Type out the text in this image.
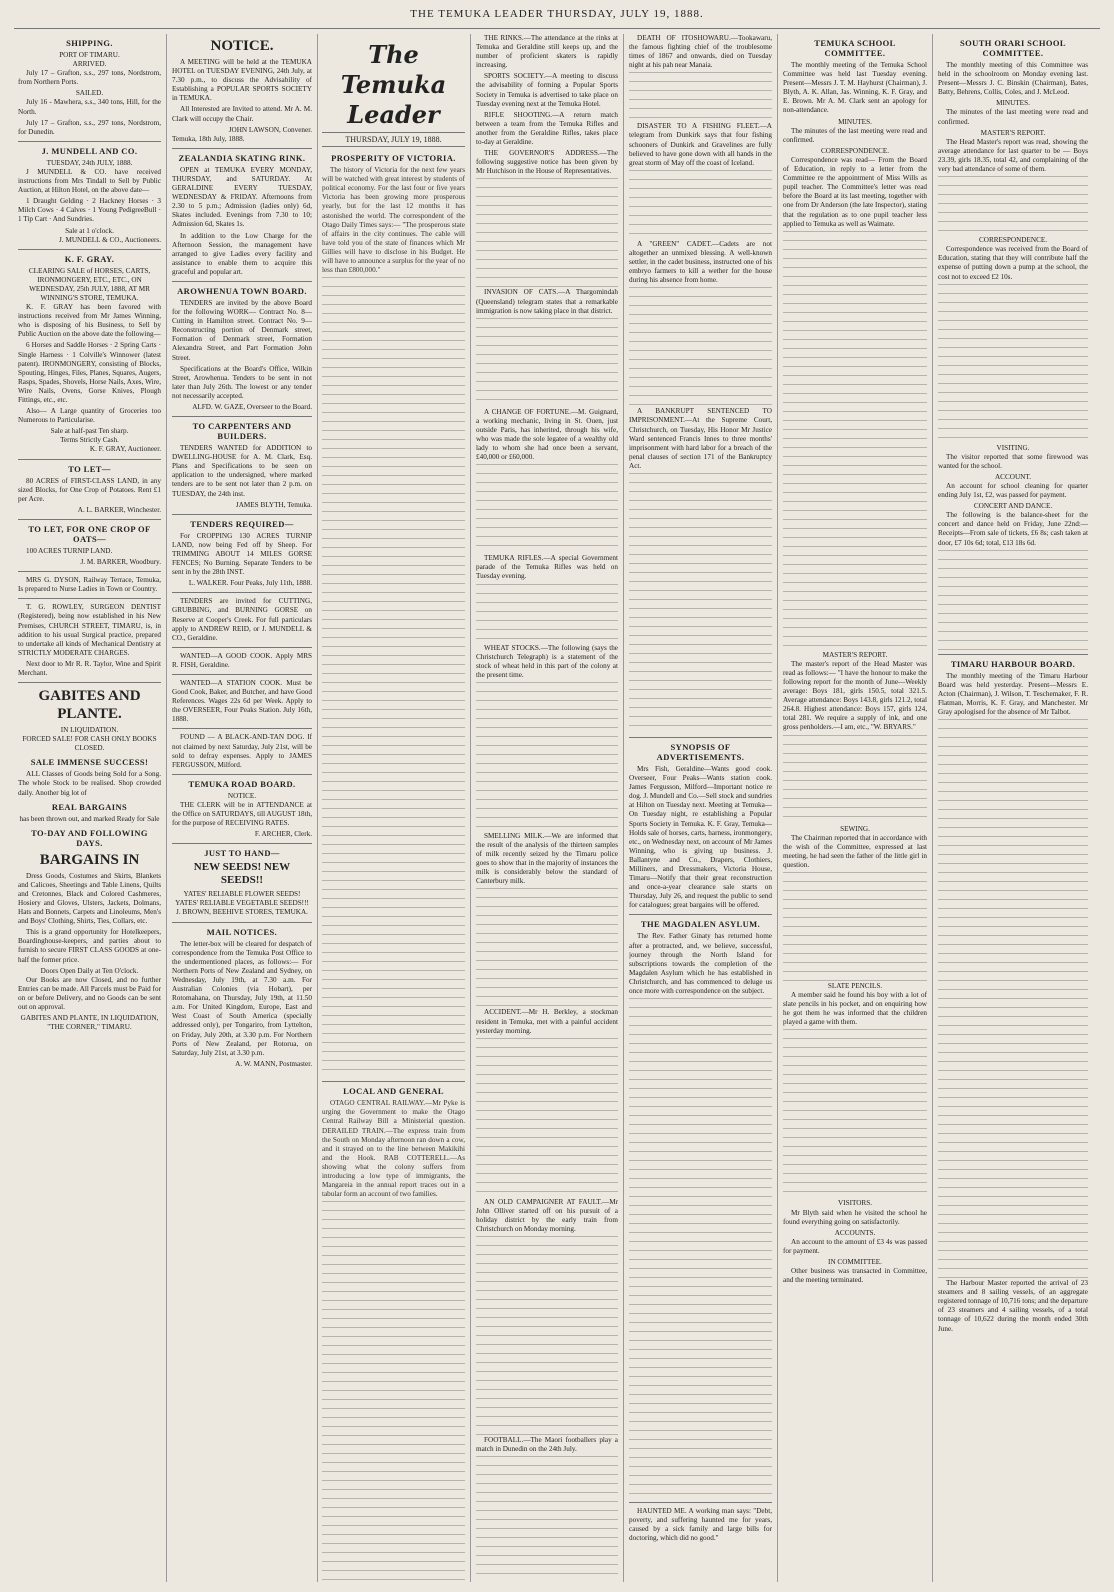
THE TEMUKA LEADER THURSDAY, JULY 19, 1888.
SHIPPING.
PORT OF TIMARU.
ARRIVED.

July 17 – Grafton, s.s., 297 tons, Nordstrom, from Northern Ports.

SAILED.

July 16 - Mawhera, s.s., 340 tons, Hill, for the North.

July 17 – Grafton, s.s., 297 tons, Nordstrom, for Dunedin.

J. MUNDELL AND CO.
TUESDAY, 24th JULY, 1888.

J MUNDELL & CO. have received instructions from Mrs Tindall to Sell by Public Auction, at Hilton Hotel, on the above date—

1 Draught Gelding · 2 Hackney Horses · 3 Milch Cows · 4 Calves · 1 Young PedigreeBull · 1 Tip Cart · And Sundries.

Sale at 1 o'clock.
J. MUNDELL & CO., Auctioneers.
K. F. GRAY.
CLEARING SALE of HORSES, CARTS, IRONMONGERY, ETC., ETC., ON WEDNESDAY, 25th JULY, 1888, AT MR WINNING'S STORE, TEMUKA.

K. F. GRAY has been favored with instructions received from Mr James Winning, who is disposing of his Business, to Sell by Public Auction on the above date the following—

6 Horses and Saddle Horses · 2 Spring Carts · Single Harness · 1 Colville's Winnower (latest patent). IRONMONGERY, consisting of Blocks, Spouting, Hinges, Files, Planes, Squares, Augers, Rasps, Spades, Shovels, Horse Nails, Axes, Wire, Wire Nails, Ovens, Gorse Knives, Plough Fittings, etc., etc.

Also— A Large quantity of Groceries too Numerous to Particularise.

Sale at half-past Ten sharp.
Terms Strictly Cash.
K. F. GRAY, Auctioneer.
TO LET—

80 ACRES of FIRST-CLASS LAND, in any sized Blocks, for One Crop of Potatoes. Rent £1 per Acre.

A. L. BARKER, Winchester.
TO LET, FOR ONE CROP OF OATS—

100 ACRES TURNIP LAND.

J. M. BARKER, Woodbury.

MRS G. DYSON, Railway Terrace, Temuka, Is prepared to Nurse Ladies in Town or Country.

T. G. ROWLEY, SURGEON DENTIST (Registered), being now established in his New Premises, CHURCH STREET, TIMARU, is, in addition to his usual Surgical practice, prepared to undertake all kinds of Mechanical Dentistry at STRICTLY MODERATE CHARGES.

Next door to Mr R. R. Taylor, Wine and Spirit Merchant.

GABITES AND PLANTE.
IN LIQUIDATION.
FORCED SALE! FOR CASH ONLY BOOKS CLOSED.
SALE IMMENSE SUCCESS!

ALL Classes of Goods being Sold for a Song. The whole Stock to be realised. Shop crowded daily. Another big lot of

REAL BARGAINS
has been thrown out, and marked Ready for Sale
TO-DAY AND FOLLOWING DAYS.
BARGAINS IN

Dress Goods, Costumes and Skirts, Blankets and Calicoes, Sheetings and Table Linens, Quilts and Cretonnes, Black and Colored Cashmeres, Hosiery and Gloves, Ulsters, Jackets, Dolmans, Hats and Bonnets, Carpets and Linoleums, Men's and Boys' Clothing, Shirts, Ties, Collars, etc.

This is a grand opportunity for Hotelkeepers, Boardinghouse-keepers, and parties about to furnish to secure FIRST CLASS GOODS at one-half the former price.

Doors Open Daily at Ten O'clock.

Our Books are now Closed, and no further Entries can be made. All Parcels must be Paid for on or before Delivery, and no Goods can be sent out on approval.

GABITES AND PLANTE, IN LIQUIDATION, "THE CORNER," TIMARU.
NOTICE.

A MEETING will be held at the TEMUKA HOTEL on TUESDAY EVENING, 24th July, at 7.30 p.m., to discuss the Advisability of Establishing a POPULAR SPORTS SOCIETY in TEMUKA.

All Interested are Invited to attend. Mr A. M. Clark will occupy the Chair.

JOHN LAWSON, Convener.
Temuka, 18th July, 1888.
ZEALANDIA SKATING RINK.

OPEN at TEMUKA EVERY MONDAY, THURSDAY, and SATURDAY. At GERALDINE EVERY TUESDAY, WEDNESDAY & FRIDAY. Afternoons from 2.30 to 5 p.m.; Admission (ladies only) 6d, Skates included. Evenings from 7.30 to 10; Admission 6d, Skates 1s.

In addition to the Low Charge for the Afternoon Session, the management have arranged to give Ladies every facility and assistance to enable them to acquire this graceful and popular art.

AROWHENUA TOWN BOARD.

TENDERS are invited by the above Board for the following WORK— Contract No. 8—Cutting in Hamilton street. Contract No. 9—Reconstructing portion of Denmark street, Formation of Denmark street, Formation Alexandra Street, and Part Formation John Street.

Specifications at the Board's Office, Wilkin Street, Arowhenua. Tenders to be sent in not later than July 26th. The lowest or any tender not necessarily accepted.

ALFD. W. GAZE, Overseer to the Board.
TO CARPENTERS AND BUILDERS.

TENDERS WANTED for ADDITION to DWELLING-HOUSE for A. M. Clark, Esq. Plans and Specifications to be seen on application to the undersigned, where marked tenders are to be sent not later than 2 p.m. on TUESDAY, the 24th inst.

JAMES BLYTH, Temuka.
TENDERS REQUIRED—

For CROPPING 130 ACRES TURNIP LAND, now being Fed off by Sheep. For TRIMMING ABOUT 14 MILES GORSE FENCES; No Burning. Separate Tenders to be sent in by the 28th INST.

L. WALKER. Four Peaks, July 11th, 1888.

TENDERS are invited for CUTTING, GRUBBING, and BURNING GORSE on Reserve at Cooper's Creek. For full particulars apply to ANDREW REID, or J. MUNDELL & CO., Geraldine.

WANTED—A GOOD COOK. Apply MRS R. FISH, Geraldine.

WANTED—A STATION COOK. Must be Good Cook, Baker, and Butcher, and have Good References. Wages 22s 6d per Week. Apply to the OVERSEER, Four Peaks Station. July 16th, 1888.

FOUND — A BLACK-AND-TAN DOG. If not claimed by next Saturday, July 21st, will be sold to defray expenses. Apply to JAMES FERGUSSON, Milford.

TEMUKA ROAD BOARD.
NOTICE.

THE CLERK will be in ATTENDANCE at the Office on SATURDAYS, till AUGUST 18th, for the purpose of RECEIVING RATES.

F. ARCHER, Clerk.
JUST TO HAND—
NEW SEEDS! NEW SEEDS!!
YATES' RELIABLE FLOWER SEEDS! YATES' RELIABLE VEGETABLE SEEDS!!!
J. BROWN, BEEHIVE STORES, TEMUKA.
MAIL NOTICES.

The letter-box will be cleared for despatch of correspondence from the Temuka Post Office to the undermentioned places, as follows:— For Northern Ports of New Zealand and Sydney, on Wednesday, July 19th, at 7.30 a.m. For Australian Colonies (via Hobart), per Rotomahana, on Thursday, July 19th, at 11.50 a.m. For United Kingdom, Europe, East and West Coast of South America (specially addressed only), per Tongariro, from Lyttelton, on Friday, July 20th, at 3.30 p.m. For Northern Ports of New Zealand, per Rotorua, on Saturday, July 21st, at 3.30 p.m.

A. W. MANN, Postmaster.
The Temuka Leader
THURSDAY, JULY 19, 1888.
PROSPERITY OF VICTORIA.

The history of Victoria for the next few years will be watched with great interest by students of political economy. For the last four or five years Victoria has been growing more prosperous yearly, but for the last 12 months it has astonished the world. The correspondent of the Otago Daily Times says:— "The prosperous state of affairs in the city continues. The cable will have told you of the state of finances which Mr Gillies will have to disclose in his Budget. He will have to announce a surplus for the year of no less than £800,000."

LOCAL AND GENERAL

OTAGO CENTRAL RAILWAY.—Mr Pyke is urging the Government to make the Otago Central Railway Bill a Ministerial question. DERAILED TRAIN.—The express train from the South on Monday afternoon ran down a cow, and it strayed on to the line between Makikihi and the Hook. RAB COTTERELL.—As showing what the colony suffers from introducing a low type of immigrants, the Mangareia in the annual report traces out in a tabular form an account of two families.

THE RINKS.—The attendance at the rinks at Temuka and Geraldine still keeps up, and the number of proficient skaters is rapidly increasing.

SPORTS SOCIETY.—A meeting to discuss the advisability of forming a Popular Sports Society in Temuka is advertised to take place on Tuesday evening next at the Temuka Hotel.

RIFLE SHOOTING.—A return match between a team from the Temuka Rifles and another from the Geraldine Rifles, takes place to-day at Geraldine.

THE GOVERNOR'S ADDRESS.—The following suggestive notice has been given by Mr Hutchison in the House of Representatives.

INVASION OF CATS.—A Thargomindah (Queensland) telegram states that a remarkable immigration is now taking place in that district.

A CHANGE OF FORTUNE.—M. Guignard, a working mechanic, living in St. Ouen, just outside Paris, has inherited, through his wife, who was made the sole legatee of a wealthy old lady to whom she had once been a servant, £40,000 or £60,000.

TEMUKA RIFLES.—A special Government parade of the Temuka Rifles was held on Tuesday evening.

WHEAT STOCKS.—The following (says the Christchurch Telegraph) is a statement of the stock of wheat held in this part of the colony at the present time.

SMELLING MILK.—We are informed that the result of the analysis of the thirteen samples of milk recently seized by the Timaru police goes to show that in the majority of instances the milk is considerably below the standard of Canterbury milk.

ACCIDENT.—Mr H. Berkley, a stockman resident in Temuka, met with a painful accident yesterday morning.

AN OLD CAMPAIGNER AT FAULT.—Mr John Olliver started off on his pursuit of a holiday district by the early train from Christchurch on Monday morning.

FOOTBALL.—The Maori footballers play a match in Dunedin on the 24th July.

DEATH OF ITOSHOWARU.—Tookawaru, the famous fighting chief of the troublesome times of 1867 and onwards, died on Tuesday night at his pah near Manaia.

DISASTER TO A FISHING FLEET.—A telegram from Dunkirk says that four fishing schooners of Dunkirk and Gravelines are fully believed to have gone down with all hands in the great storm of May off the coast of Iceland.

A "GREEN" CADET.—Cadets are not altogether an unmixed blessing. A well-known settler, in the cadet business, instructed one of his embryo farmers to kill a wether for the house during his absence from home.

A BANKRUPT SENTENCED TO IMPRISONMENT.—At the Supreme Court, Christchurch, on Tuesday, His Honor Mr Justice Ward sentenced Francis Innes to three months' imprisonment with hard labor for a breach of the penal clauses of section 171 of the Bankruptcy Act.

SYNOPSIS OF ADVERTISEMENTS.

Mrs Fish, Geraldine—Wants good cook. Overseer, Four Peaks—Wants station cook. James Fergusson, Milford—Important notice re dog. J. Mundell and Co.—Sell stock and sundries at Hilton on Tuesday next. Meeting at Temuka—On Tuesday night, re establishing a Popular Sports Society in Temuka. K. F. Gray, Temuka—Holds sale of horses, carts, harness, ironmongery, etc., on Wednesday next, on account of Mr James Winning, who is giving up business. J. Ballantyne and Co., Drapers, Clothiers, Milliners, and Dressmakers, Victoria House, Timaru—Notify that their great reconstruction and once-a-year clearance sale starts on Thursday, July 26, and request the public to send for catalogues; great bargains will be offered.

THE MAGDALEN ASYLUM.

The Rev. Father Ginaty has returned home after a protracted, and, we believe, successful, journey through the North Island for subscriptions towards the completion of the Magdalen Asylum which he has established in Christchurch, and has commenced to deluge us once more with correspondence on the subject.

HAUNTED ME. A working man says: "Debt, poverty, and suffering haunted me for years, caused by a sick family and large bills for doctoring, which did no good."

TEMUKA SCHOOL COMMITTEE.

The monthly meeting of the Temuka School Committee was held last Tuesday evening. Present—Messrs J. T. M. Hayhurst (Chairman), J. Blyth, A. K. Allan, Jas. Winning, K. F. Gray, and E. Brown. Mr A. M. Clark sent an apology for non-attendance.

MINUTES.

The minutes of the last meeting were read and confirmed.

CORRESPONDENCE.

Correspondence was read— From the Board of Education, in reply to a letter from the Committee re the appointment of Miss Wills as pupil teacher. The Committee's letter was read before the Board at its last meeting, together with one from Dr Anderson (the late Inspector), stating that the regulation as to one pupil teacher less applied to Temuka as well as Waimate.

MASTER'S REPORT.

The master's report of the Head Master was read as follows:— "I have the honour to make the following report for the month of June—Weekly average: Boys 181, girls 150.5, total 321.5. Average attendance: Boys 143.8, girls 121.2, total 264.8. Highest attendance: Boys 157, girls 124, total 281. We require a supply of ink, and one gross penholders.—I am, etc., "W. BRYARS."

SEWING.

The Chairman reported that in accordance with the wish of the Committee, expressed at last meeting, he had seen the father of the little girl in question.

SLATE PENCILS.

A member said he found his boy with a lot of slate pencils in his pocket, and on enquiring how he got them he was informed that the children played a game with them.

VISITORS.

Mr Blyth said when he visited the school he found everything going on satisfactorily.

ACCOUNTS.

An account to the amount of £3 4s was passed for payment.

IN COMMITTEE.

Other business was transacted in Committee, and the meeting terminated.

SOUTH ORARI SCHOOL COMMITTEE.

The monthly meeting of this Committee was held in the schoolroom on Monday evening last. Present—Messrs J. C. Binskin (Chairman), Bates, Batty, Behrens, Collis, Coles, and J. McLeod.

MINUTES.

The minutes of the last meeting were read and confirmed.

MASTER'S REPORT.

The Head Master's report was read, showing the average attendance for last quarter to be — Boys 23.39, girls 18.35, total 42, and complaining of the very bad attendance of some of them.

CORRESPONDENCE.

Correspondence was received from the Board of Education, stating that they will contribute half the expense of putting down a pump at the school, the cost not to exceed £2 10s.

VISITING.

The visitor reported that some firewood was wanted for the school.

ACCOUNT.

An account for school cleaning for quarter ending July 1st, £2, was passed for payment.

CONCERT AND DANCE.

The following is the balance-sheet for the concert and dance held on Friday, June 22nd:—Receipts—From sale of tickets, £6 8s; cash taken at door, £7 10s 6d; total, £13 18s 6d.

TIMARU HARBOUR BOARD.

The monthly meeting of the Timaru Harbour Board was held yesterday. Present—Messrs E. Acton (Chairman), J. Wilson, T. Teschemaker, F. R. Flatman, Morris, K. F. Gray, and Manchester. Mr Gray apologised for the absence of Mr Talbot.

The Harbour Master reported the arrival of 23 steamers and 8 sailing vessels, of an aggregate registered tonnage of 10,716 tons; and the departure of 23 steamers and 4 sailing vessels, of a total tonnage of 10,622 during the month ended 30th June.
